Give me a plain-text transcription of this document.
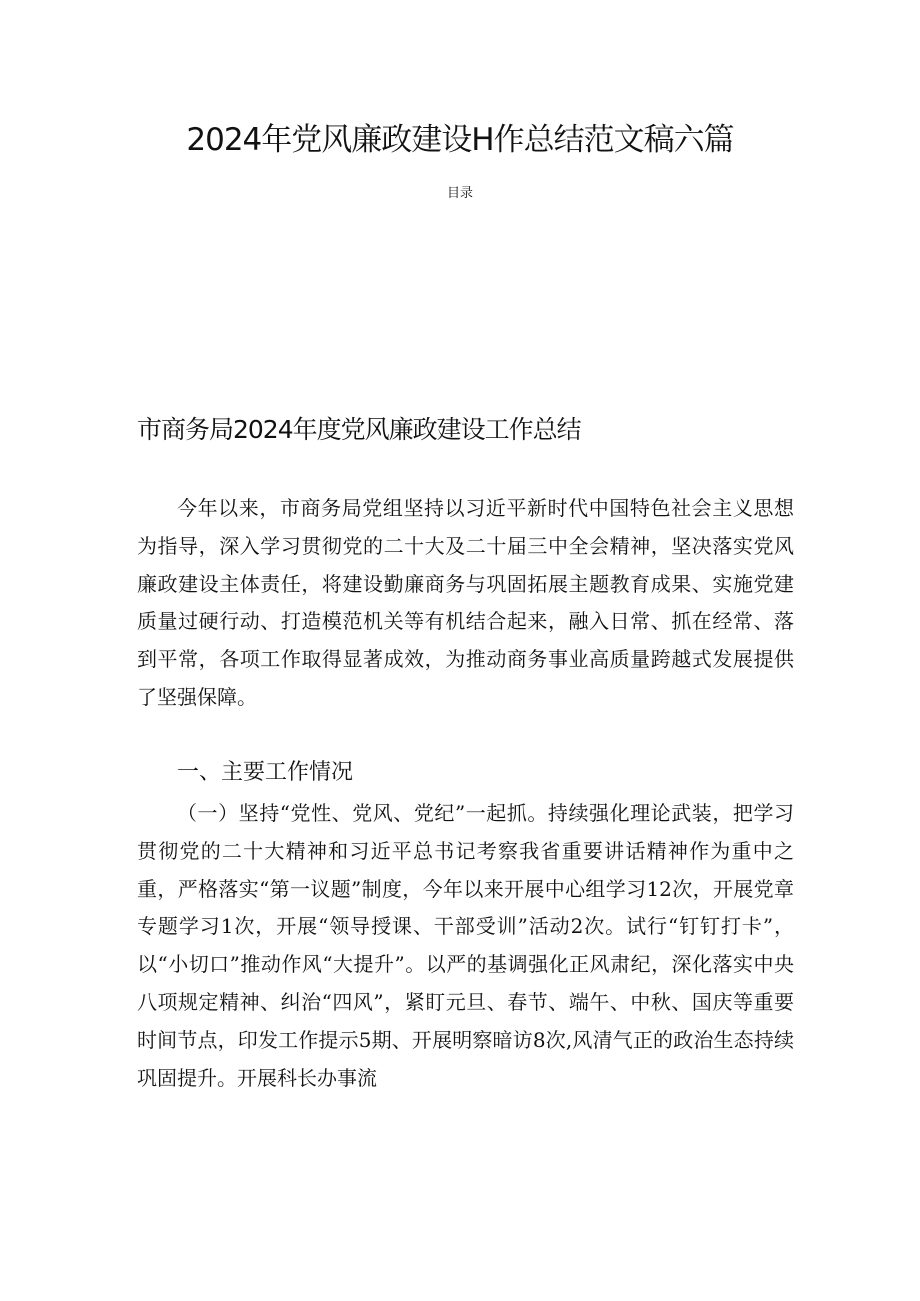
2024年党风廉政建设H作总结范文稿六篇

目录

市商务局2024年度党风廉政建设工作总结

今年以来，市商务局党组坚持以习近平新时代中国特色社会主义思想为指导，深入学习贯彻党的二十大及二十届三中全会精神，坚决落实党风廉政建设主体责任，将建设勤廉商务与巩固拓展主题教育成果、实施党建质量过硬行动、打造模范机关等有机结合起来，融入日常、抓在经常、落到平常，各项工作取得显著成效，为推动商务事业高质量跨越式发展提供了坚强保障。

一、主要工作情况

（一）坚持“党性、党风、党纪”一起抓。持续强化理论武装，把学习贯彻党的二十大精神和习近平总书记考察我省重要讲话精神作为重中之重，严格落实“第一议题”制度，今年以来开展中心组学习12次，开展党章专题学习1次，开展“领导授课、干部受训”活动2次。试行“钉钉打卡”，以“小切口”推动作风“大提升”。以严的基调强化正风肃纪，深化落实中央八项规定精神、纠治“四风”，紧盯元旦、春节、端午、中秋、国庆等重要时间节点，印发工作提示5期、开展明察暗访8次,风清气正的政治生态持续巩固提升。开展科长办事流
